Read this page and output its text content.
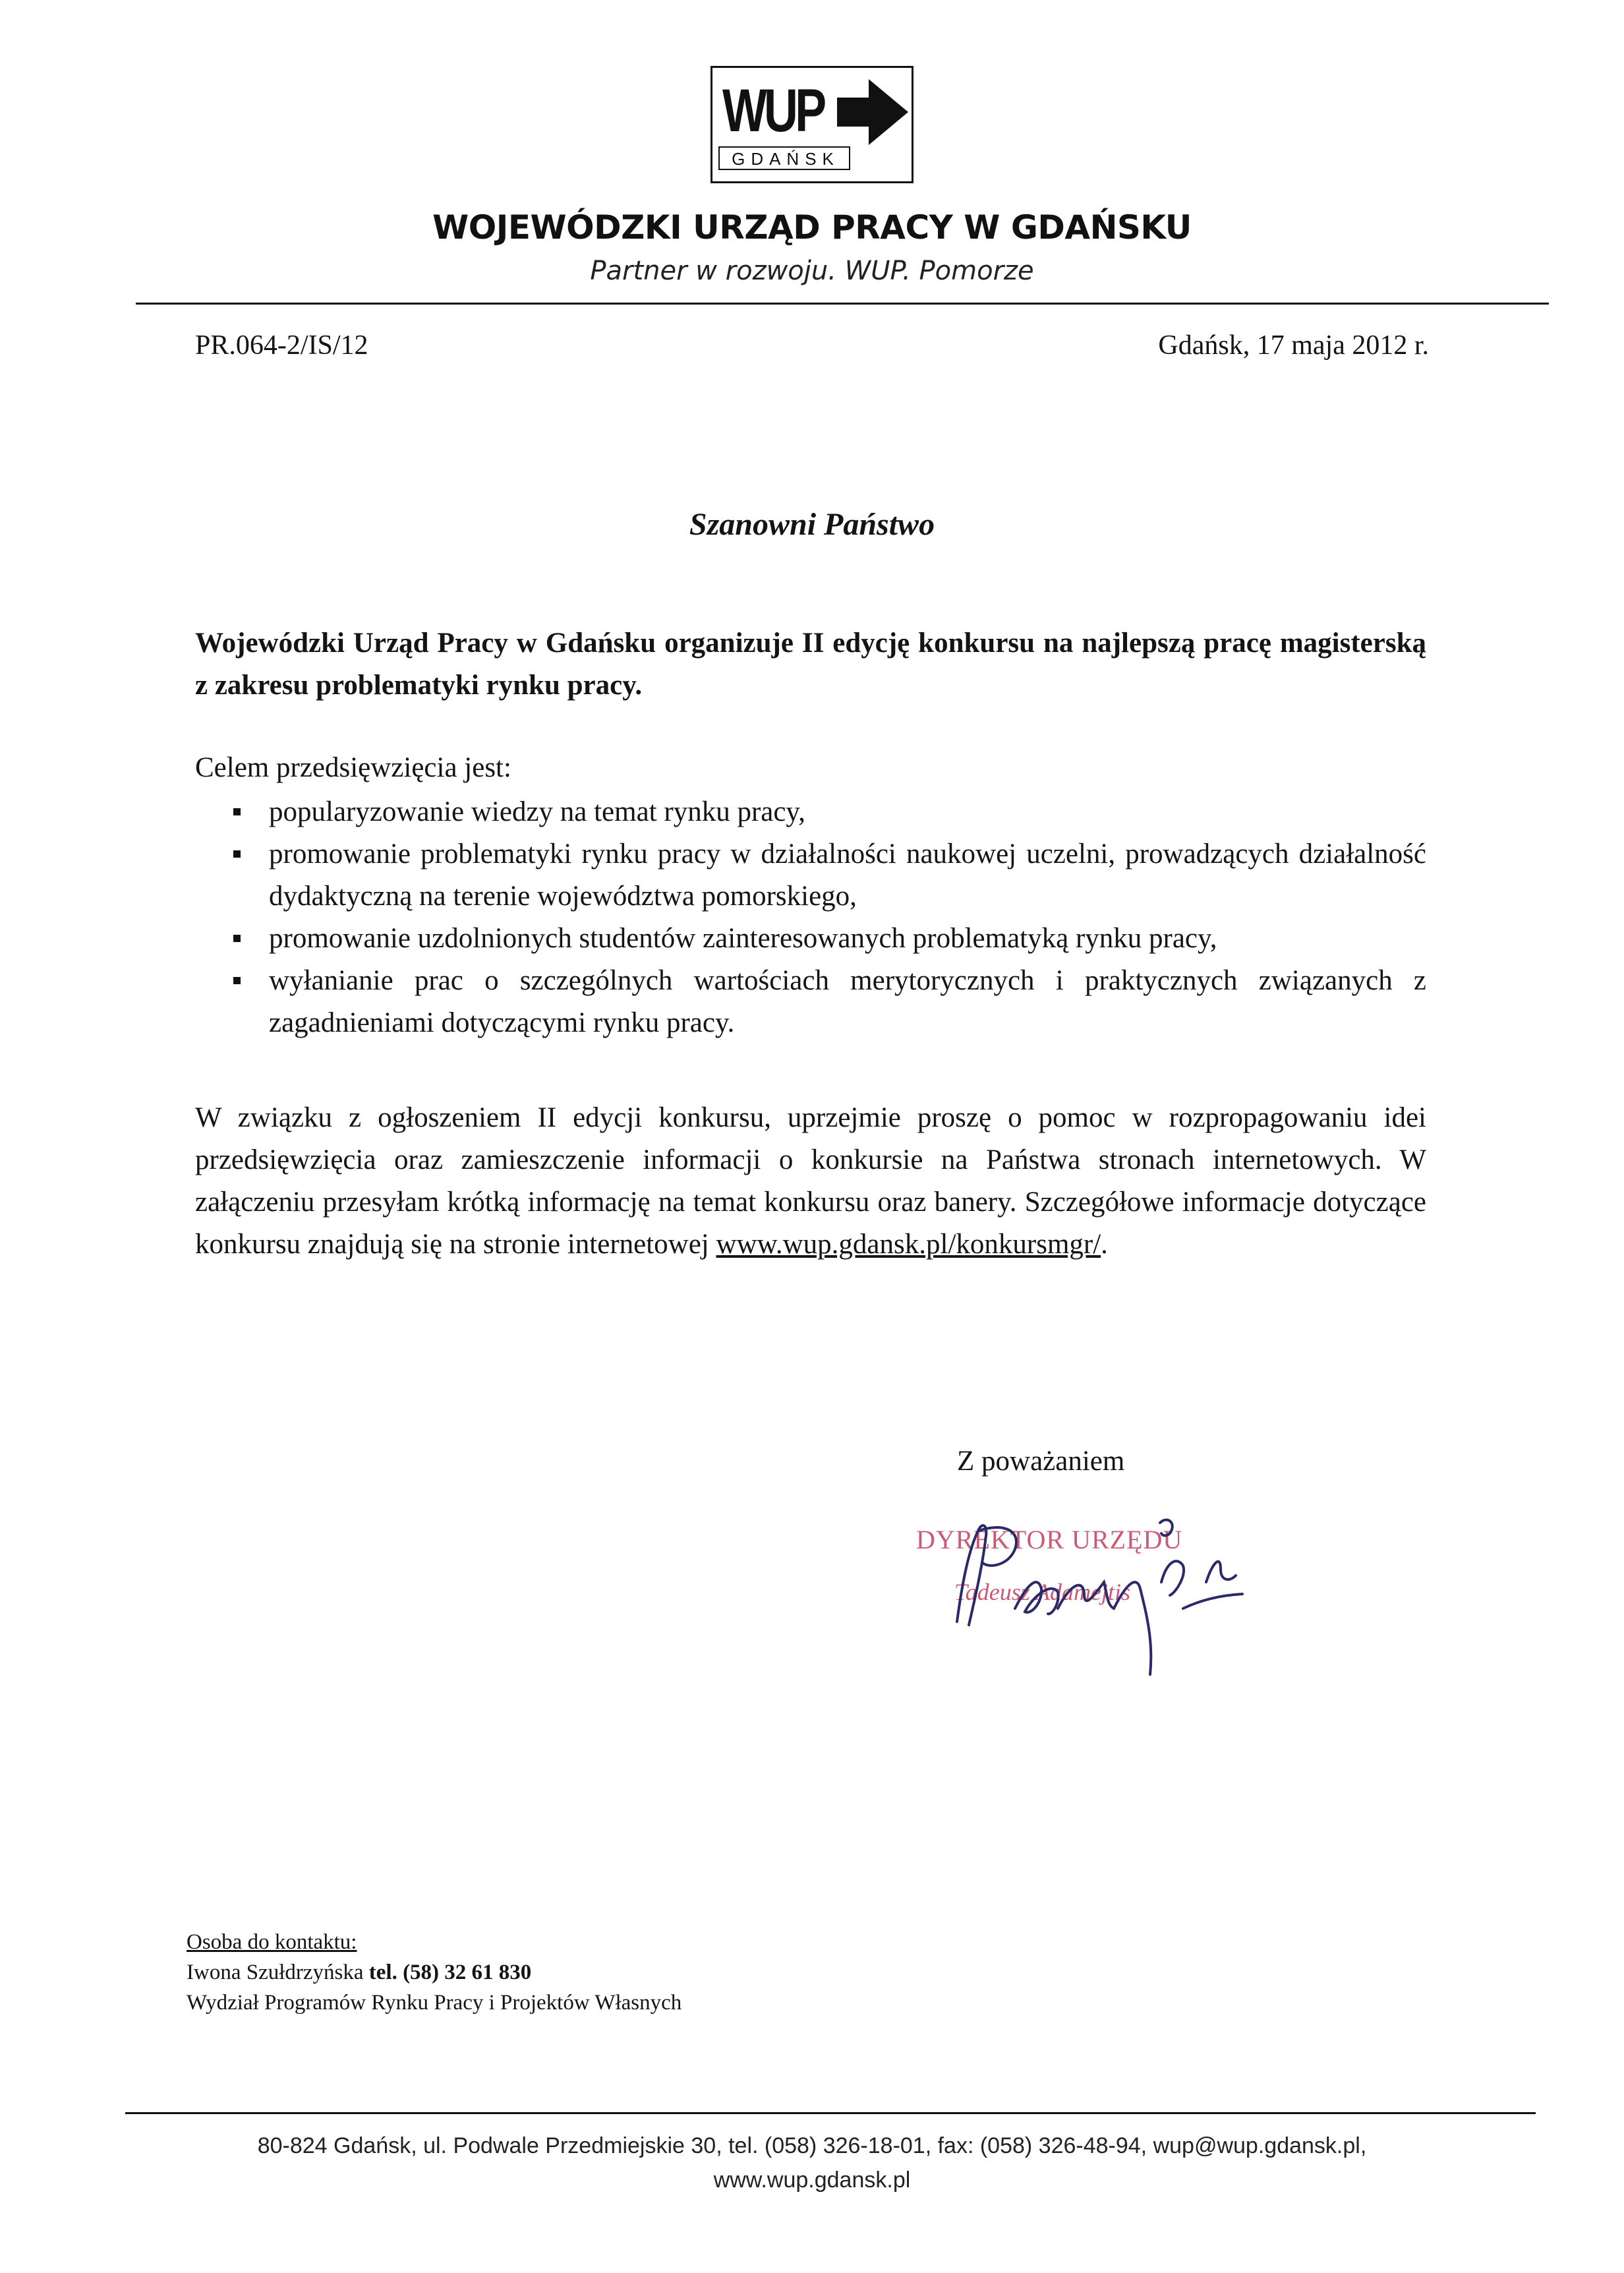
WUP
GDAŃSK
WOJEWÓDZKI URZĄD PRACY W GDAŃSKU
Partner w rozwoju. WUP. Pomorze
PR.064-2/IS/12	Gdańsk, 17 maja 2012 r.
Szanowni Państwo
Wojewódzki Urząd Pracy w Gdańsku organizuje II edycję konkursu na najlepszą pracę magisterską z zakresu problematyki rynku pracy.
Celem przedsięwzięcia jest:
popularyzowanie wiedzy na temat rynku pracy,
promowanie problematyki rynku pracy w działalności naukowej uczelni, prowadzących działalność dydaktyczną na terenie województwa pomorskiego,
promowanie uzdolnionych studentów zainteresowanych problematyką rynku pracy,
wyłanianie prac o szczególnych wartościach merytorycznych i praktycznych związanych z zagadnieniami dotyczącymi rynku pracy.
W związku z ogłoszeniem II edycji konkursu, uprzejmie proszę o pomoc w rozpropagowaniu idei przedsięwzięcia oraz zamieszczenie informacji o konkursie na Państwa stronach internetowych. W załączeniu przesyłam krótką informację na temat konkursu oraz banery. Szczegółowe informacje dotyczące konkursu znajdują się na stronie internetowej www.wup.gdansk.pl/konkursmgr/.
Z poważaniem
DYREKTOR URZĘDU
Tadeusz Adamejtis
Osoba do kontaktu:
Iwona Szułdrzyńska tel. (58) 32 61 830
Wydział Programów Rynku Pracy i Projektów Własnych
80-824 Gdańsk, ul. Podwale Przedmiejskie 30, tel. (058) 326-18-01, fax: (058) 326-48-94, wup@wup.gdansk.pl,
www.wup.gdansk.pl
